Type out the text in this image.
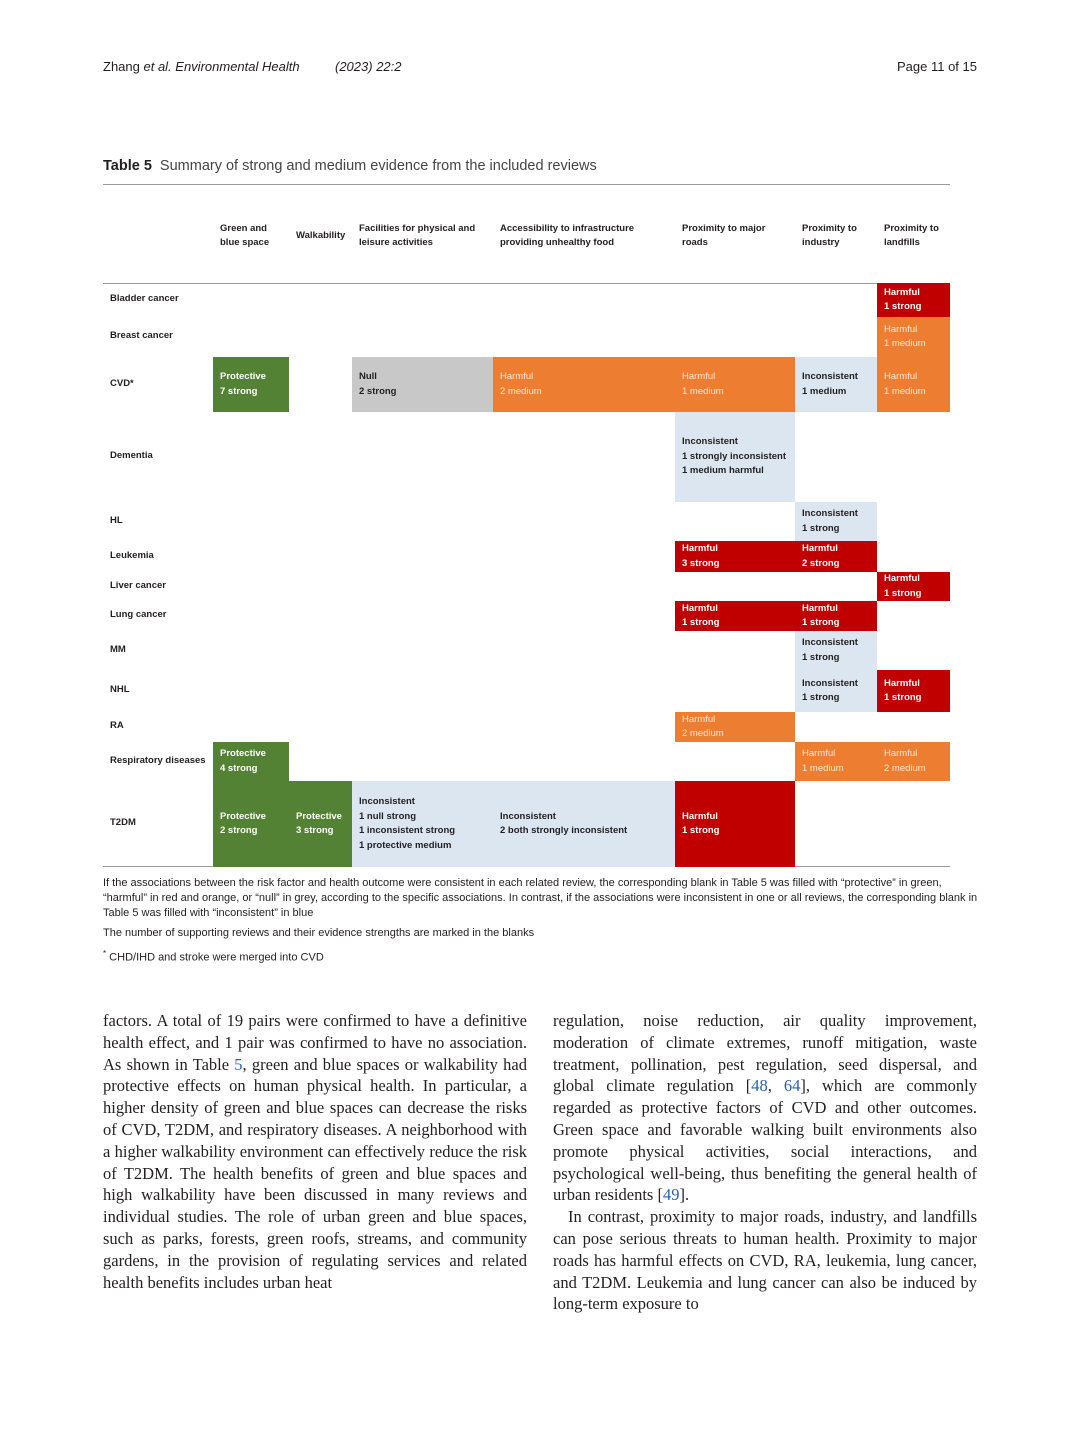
Zhang et al. Environmental Health	(2023) 22:2	Page 11 of 15
Table 5 Summary of strong and medium evidence from the included reviews
Green and
blue space
Walkability
Facilities for physical and
leisure activities
Accessibility to infrastructure
providing unhealthy food
Proximity to major
roads
Proximity to
industry
Proximity to
landfills
Bladder cancer
Breast cancer
CVD*
Dementia
HL
Leukemia
Liver cancer
Lung cancer
MM
NHL
RA
Respiratory diseases
T2DM
Harmful
1 strong
Harmful
1 medium
Protective
7 strong
Null
2 strong
Harmful
2 medium
Harmful
1 medium
Inconsistent
1 medium
Harmful
1 medium
Inconsistent
1 strongly inconsistent
1 medium harmful
Inconsistent
1 strong
Harmful
3 strong
Harmful
2 strong
Harmful
1 strong
Harmful
1 strong
Harmful
1 strong
Inconsistent
1 strong
Inconsistent
1 strong
Harmful
1 strong
Harmful
2 medium
Protective
4 strong
Harmful
1 medium
Harmful
2 medium
Protective
2 strong
Protective
3 strong
Inconsistent
1 null strong
1 inconsistent strong
1 protective medium
Inconsistent
2 both strongly inconsistent
Harmful
1 strong

If the associations between the risk factor and health outcome were consistent in each related review, the corresponding blank in Table 5 was filled with “protective” in green, “harmful” in red and orange, or “null” in grey, according to the specific associations. In contrast, if the associations were inconsistent in one or all reviews, the corresponding blank in Table 5 was filled with “inconsistent” in blue

The number of supporting reviews and their evidence strengths are marked in the blanks

* CHD/IHD and stroke were merged into CVD

factors. A total of 19 pairs were confirmed to have a definitive health effect, and 1 pair was confirmed to have no association. As shown in Table 5, green and blue spaces or walkability had protective effects on human physical health. In particular, a higher density of green and blue spaces can decrease the risks of CVD, T2DM, and respiratory diseases. A neighborhood with a higher walkability environment can effectively reduce the risk of T2DM. The health benefits of green and blue spaces and high walkability have been discussed in many reviews and individual studies. The role of urban green and blue spaces, such as parks, forests, green roofs, streams, and community gardens, in the provision of regulating services and related health benefits includes urban heat

regulation, noise reduction, air quality improvement, moderation of climate extremes, runoff mitigation, waste treatment, pollination, pest regulation, seed dispersal, and global climate regulation [48, 64], which are commonly regarded as protective factors of CVD and other outcomes. Green space and favorable walking built environments also promote physical activities, social interactions, and psychological well-being, thus benefiting the general health of urban residents [49].

In contrast, proximity to major roads, industry, and landfills can pose serious threats to human health. Proximity to major roads has harmful effects on CVD, RA, leukemia, lung cancer, and T2DM. Leukemia and lung cancer can also be induced by long-term exposure to
